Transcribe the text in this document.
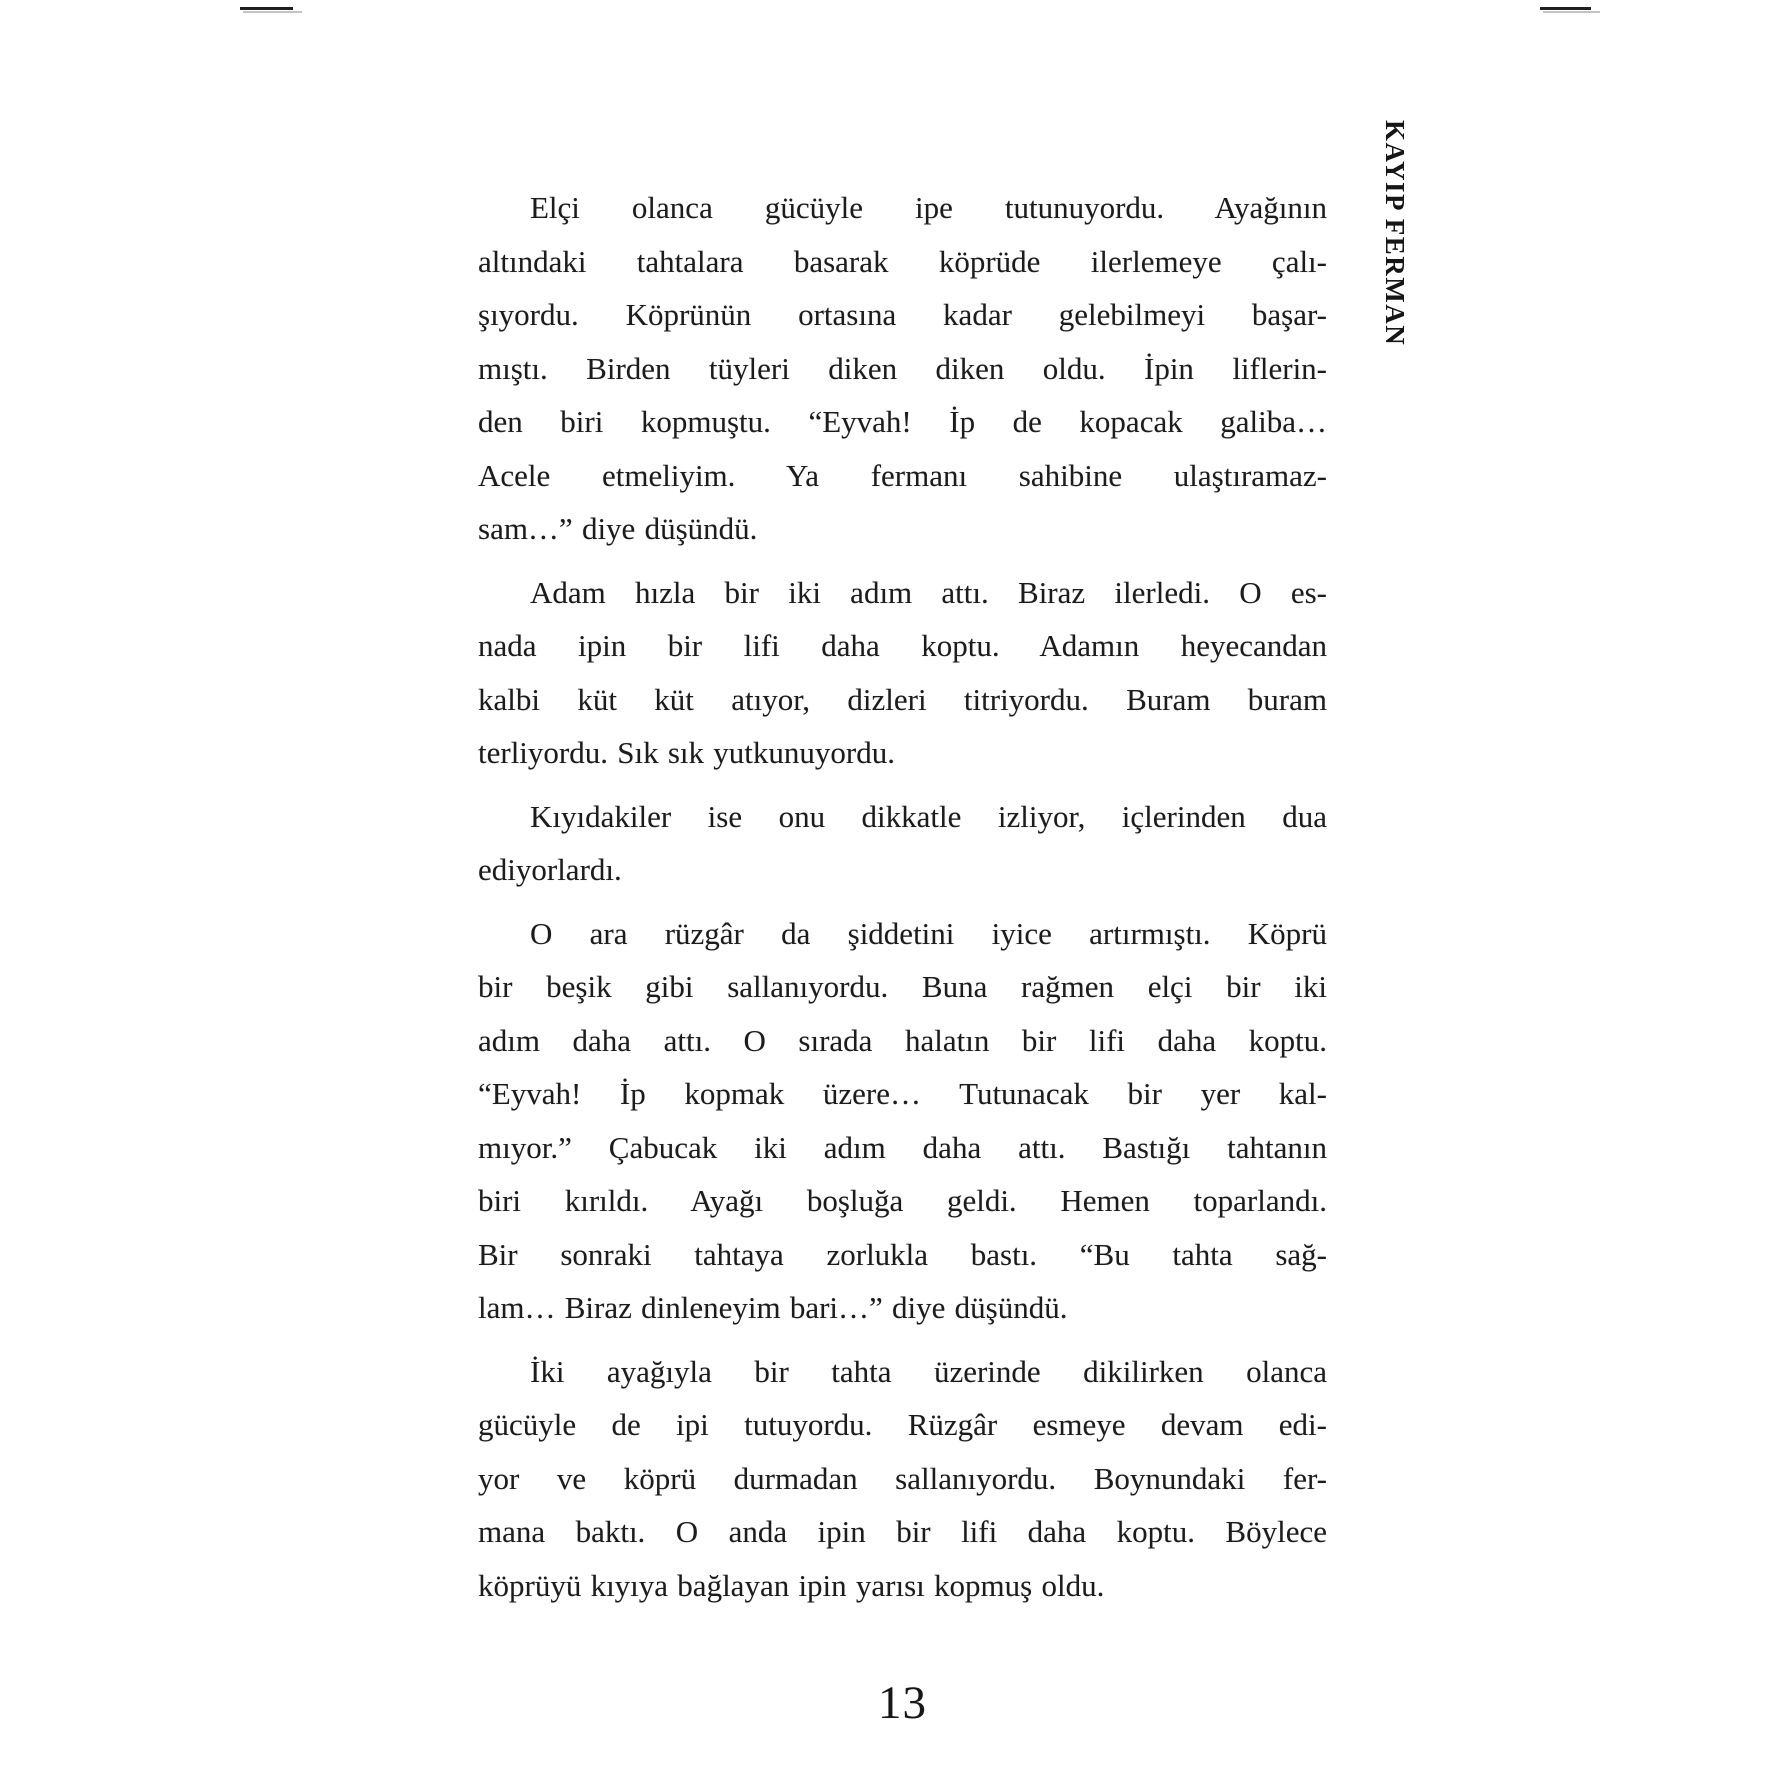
KAYIP FERMAN
Elçi olanca gücüyle ipe tutunuyordu. Ayağının
altındaki tahtalara basarak köprüde ilerlemeye çalı-
şıyordu. Köprünün ortasına kadar gelebilmeyi başar-
mıştı. Birden tüyleri diken diken oldu. İpin liflerin-
den biri kopmuştu. “Eyvah! İp de kopacak galiba…
Acele etmeliyim. Ya fermanı sahibine ulaştıramaz-
sam…” diye düşündü.
Adam hızla bir iki adım attı. Biraz ilerledi. O es-
nada ipin bir lifi daha koptu. Adamın heyecandan
kalbi küt küt atıyor, dizleri titriyordu. Buram buram
terliyordu. Sık sık yutkunuyordu.
Kıyıdakiler ise onu dikkatle izliyor, içlerinden dua
ediyorlardı.
O ara rüzgâr da şiddetini iyice artırmıştı. Köprü
bir beşik gibi sallanıyordu. Buna rağmen elçi bir iki
adım daha attı. O sırada halatın bir lifi daha koptu.
“Eyvah! İp kopmak üzere… Tutunacak bir yer kal-
mıyor.” Çabucak iki adım daha attı. Bastığı tahtanın
biri kırıldı. Ayağı boşluğa geldi. Hemen toparlandı.
Bir sonraki tahtaya zorlukla bastı. “Bu tahta sağ-
lam… Biraz dinleneyim bari…” diye düşündü.
İki ayağıyla bir tahta üzerinde dikilirken olanca
gücüyle de ipi tutuyordu. Rüzgâr esmeye devam edi-
yor ve köprü durmadan sallanıyordu. Boynundaki fer-
mana baktı. O anda ipin bir lifi daha koptu. Böylece
köprüyü kıyıya bağlayan ipin yarısı kopmuş oldu.
13
